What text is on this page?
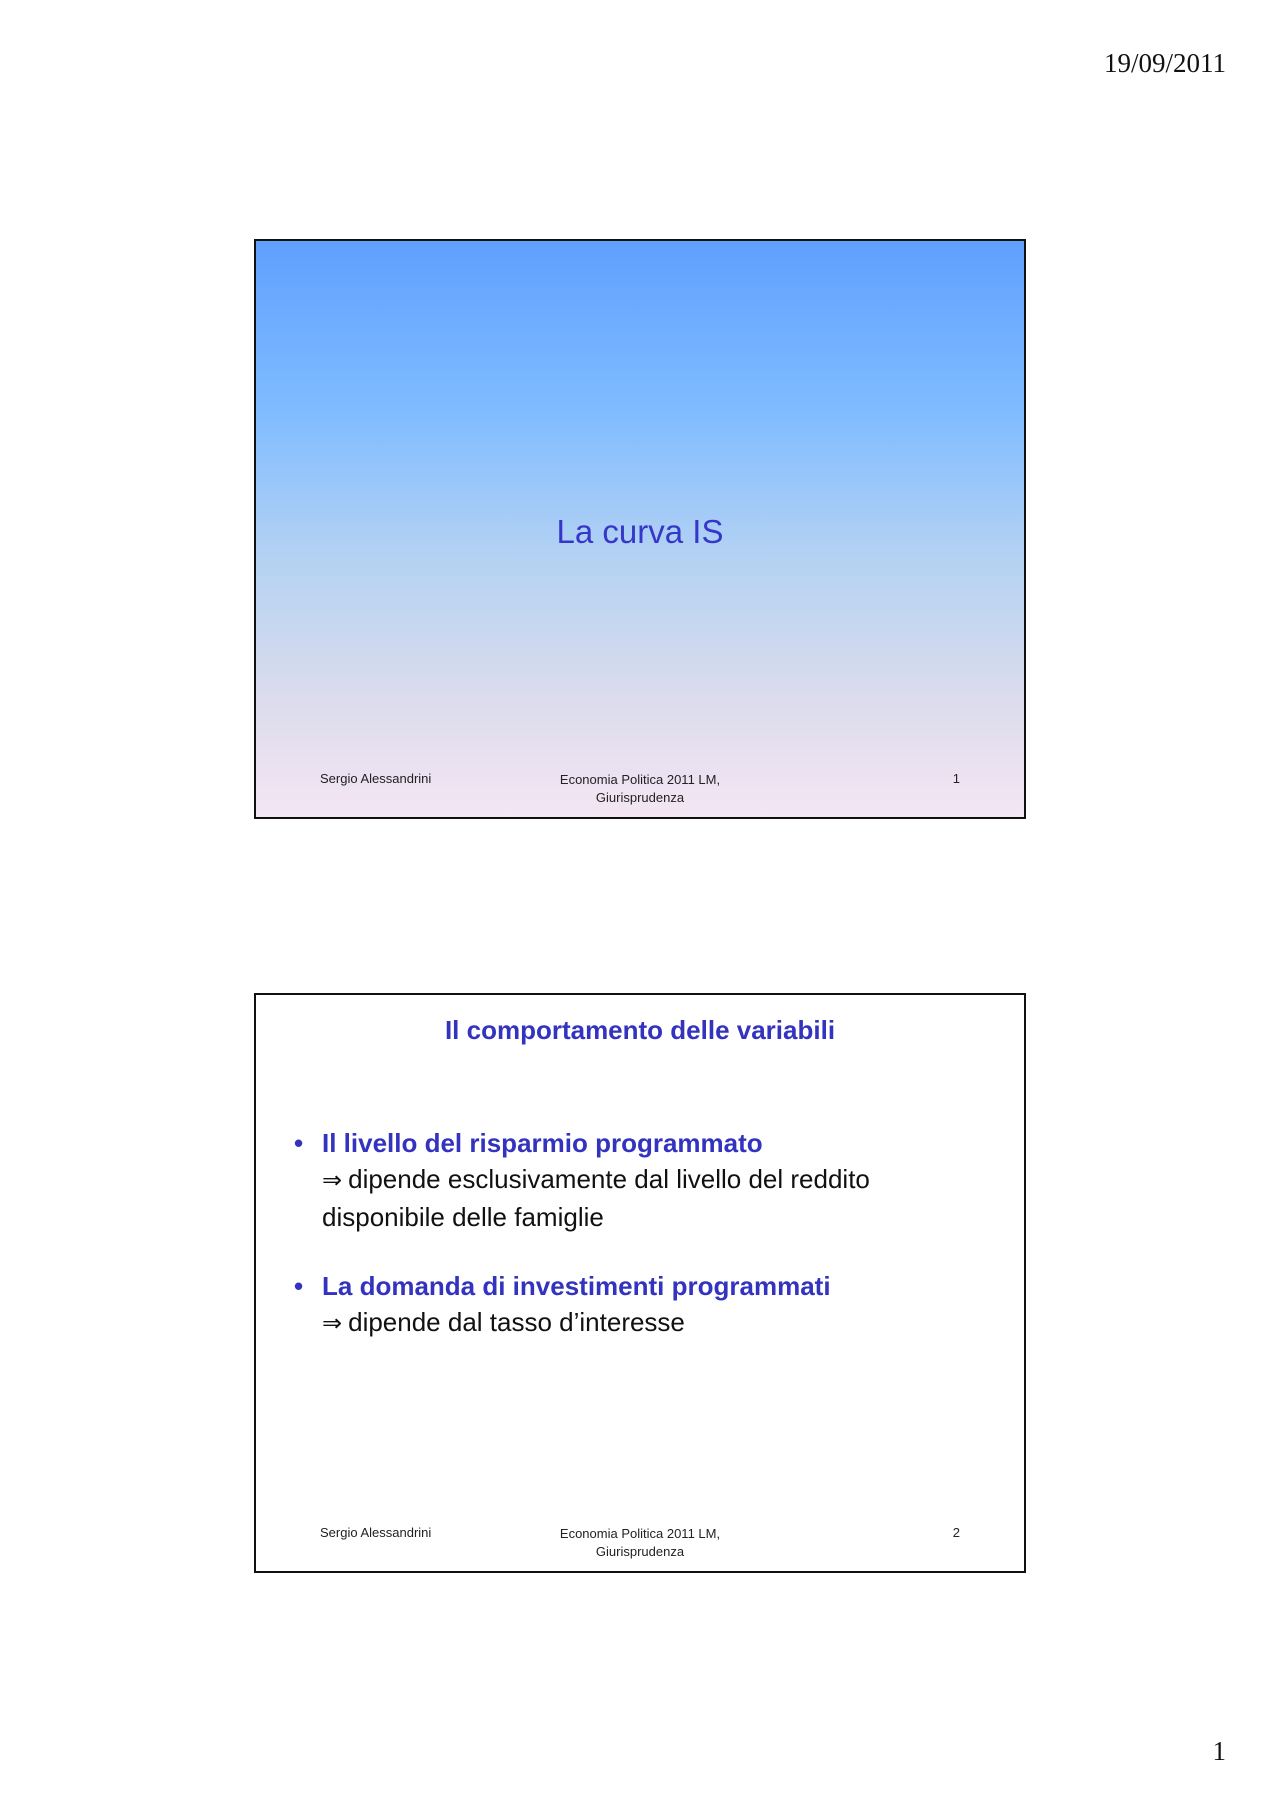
19/09/2011
La curva IS
Sergio Alessandrini	Economia Politica 2011 LM,
Giurisprudenza
1
Il comportamento delle variabili
• Il livello del risparmio programmato
⇒ dipende esclusivamente dal livello del reddito disponibile delle famiglie
• La domanda di investimenti programmati
⇒ dipende dal tasso d’interesse
Sergio Alessandrini	Economia Politica 2011 LM,
Giurisprudenza
2
1
